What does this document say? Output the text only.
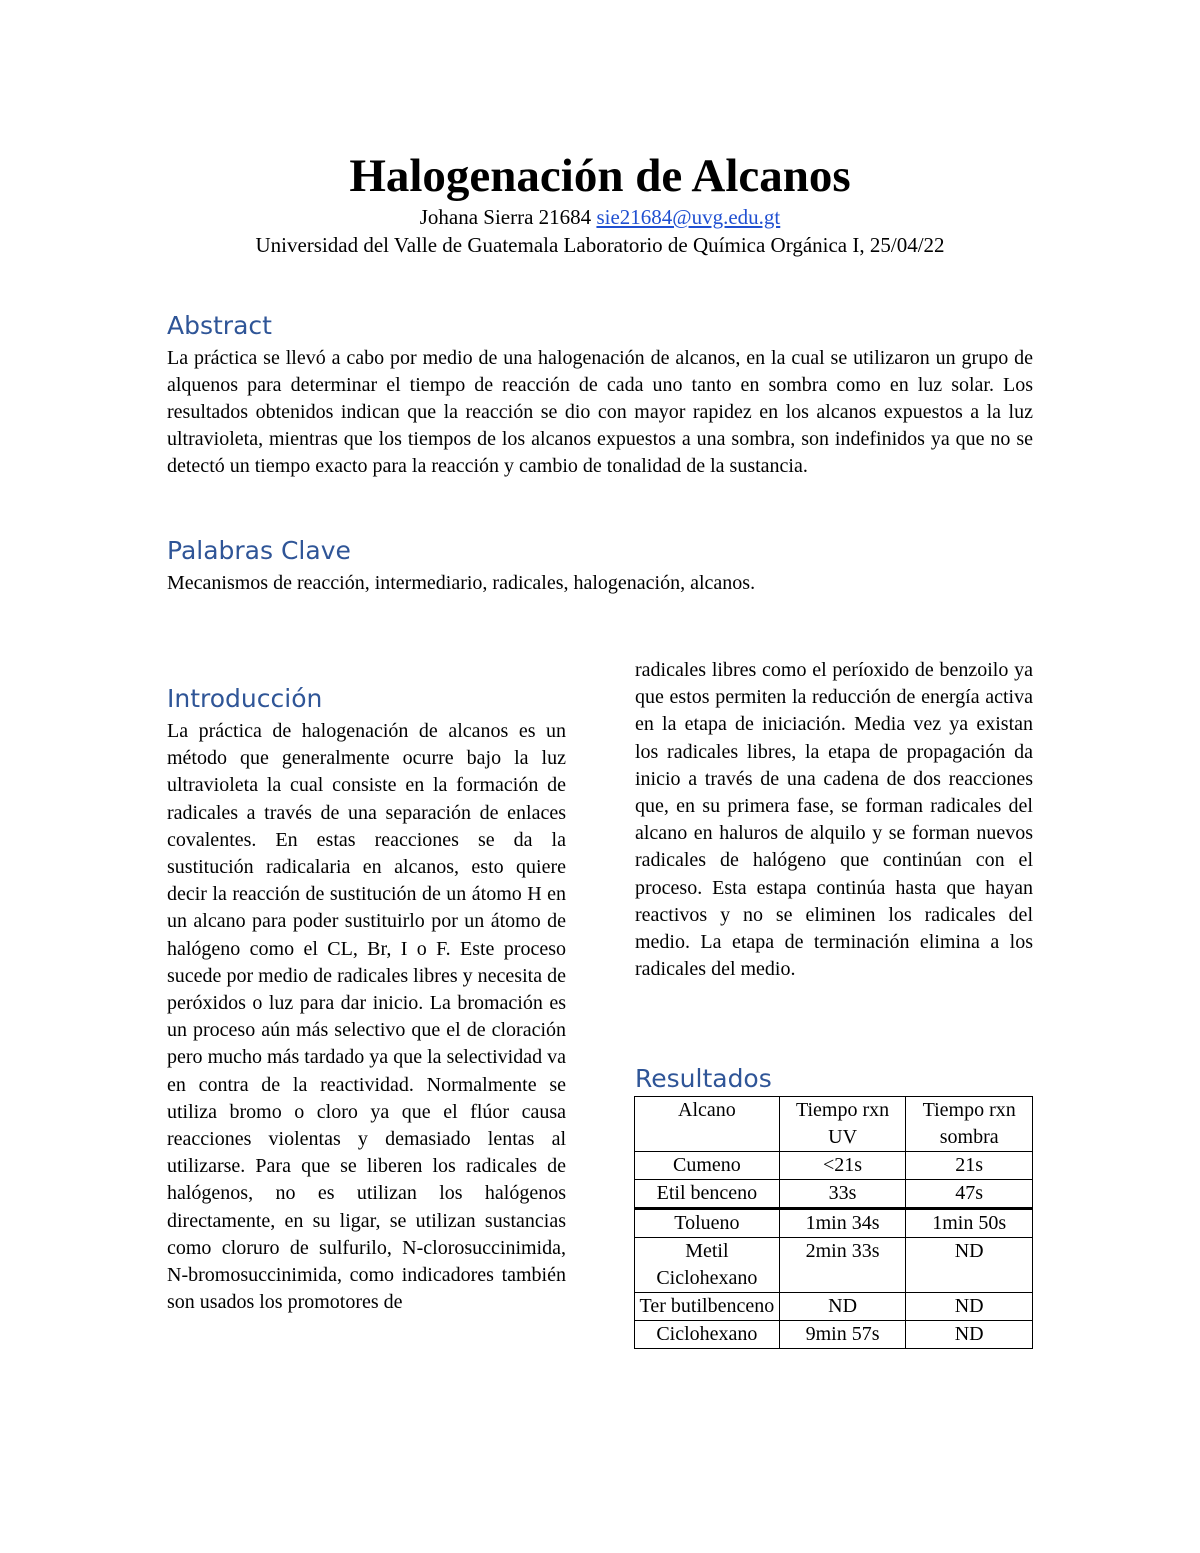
Halogenación de Alcanos
Johana Sierra 21684 sie21684@uvg.edu.gt
Universidad del Valle de Guatemala Laboratorio de Química Orgánica I, 25/04/22
Abstract

La práctica se llevó a cabo por medio de una halogenación de alcanos, en la cual se utilizaron un grupo de alquenos para determinar el tiempo de reacción de cada uno tanto en sombra como en luz solar. Los resultados obtenidos indican que la reacción se dio con mayor rapidez en los alcanos expuestos a la luz ultravioleta, mientras que los tiempos de los alcanos expuestos a una sombra, son indefinidos ya que no se detectó un tiempo exacto para la reacción y cambio de tonalidad de la sustancia.

Palabras Clave

Mecanismos de reacción, intermediario, radicales, halogenación, alcanos.

Introducción

La práctica de halogenación de alcanos es un método que generalmente ocurre bajo la luz ultravioleta la cual consiste en la formación de radicales a través de una separación de enlaces covalentes. En estas reacciones se da la sustitución radicalaria en alcanos, esto quiere decir la reacción de sustitución de un átomo H en un alcano para poder sustituirlo por un átomo de halógeno como el CL, Br, I o F. Este proceso sucede por medio de radicales libres y necesita de peróxidos o luz para dar inicio. La bromación es un proceso aún más selectivo que el de cloración pero mucho más tardado ya que la selectividad va en contra de la reactividad. Normalmente se utiliza bromo o cloro ya que el flúor causa reacciones violentas y demasiado lentas al utilizarse. Para que se liberen los radicales de halógenos, no es utilizan los halógenos directamente, en su ligar, se utilizan sustancias como cloruro de sulfurilo, N-clorosuccinimida, N-bromosuccinimida, como indicadores también son usados los promotores de

radicales libres como el períoxido de benzoilo ya que estos permiten la reducción de energía activa en la etapa de iniciación. Media vez ya existan los radicales libres, la etapa de propagación da inicio a través de una cadena de dos reacciones que, en su primera fase, se forman radicales del alcano en haluros de alquilo y se forman nuevos radicales de halógeno que continúan con el proceso. Esta estapa continúa hasta que hayan reactivos y no se eliminen los radicales del medio. La etapa de terminación elimina a los radicales del medio.

Resultados
Alcano	Tiempo rxn UV	Tiempo rxn sombra
Cumeno	<21s	21s
Etil benceno	33s	47s
Tolueno	1min 34s	1min 50s
Metil Ciclohexano	2min 33s	ND
Ter butilbenceno	ND	ND
Ciclohexano	9min 57s	ND
